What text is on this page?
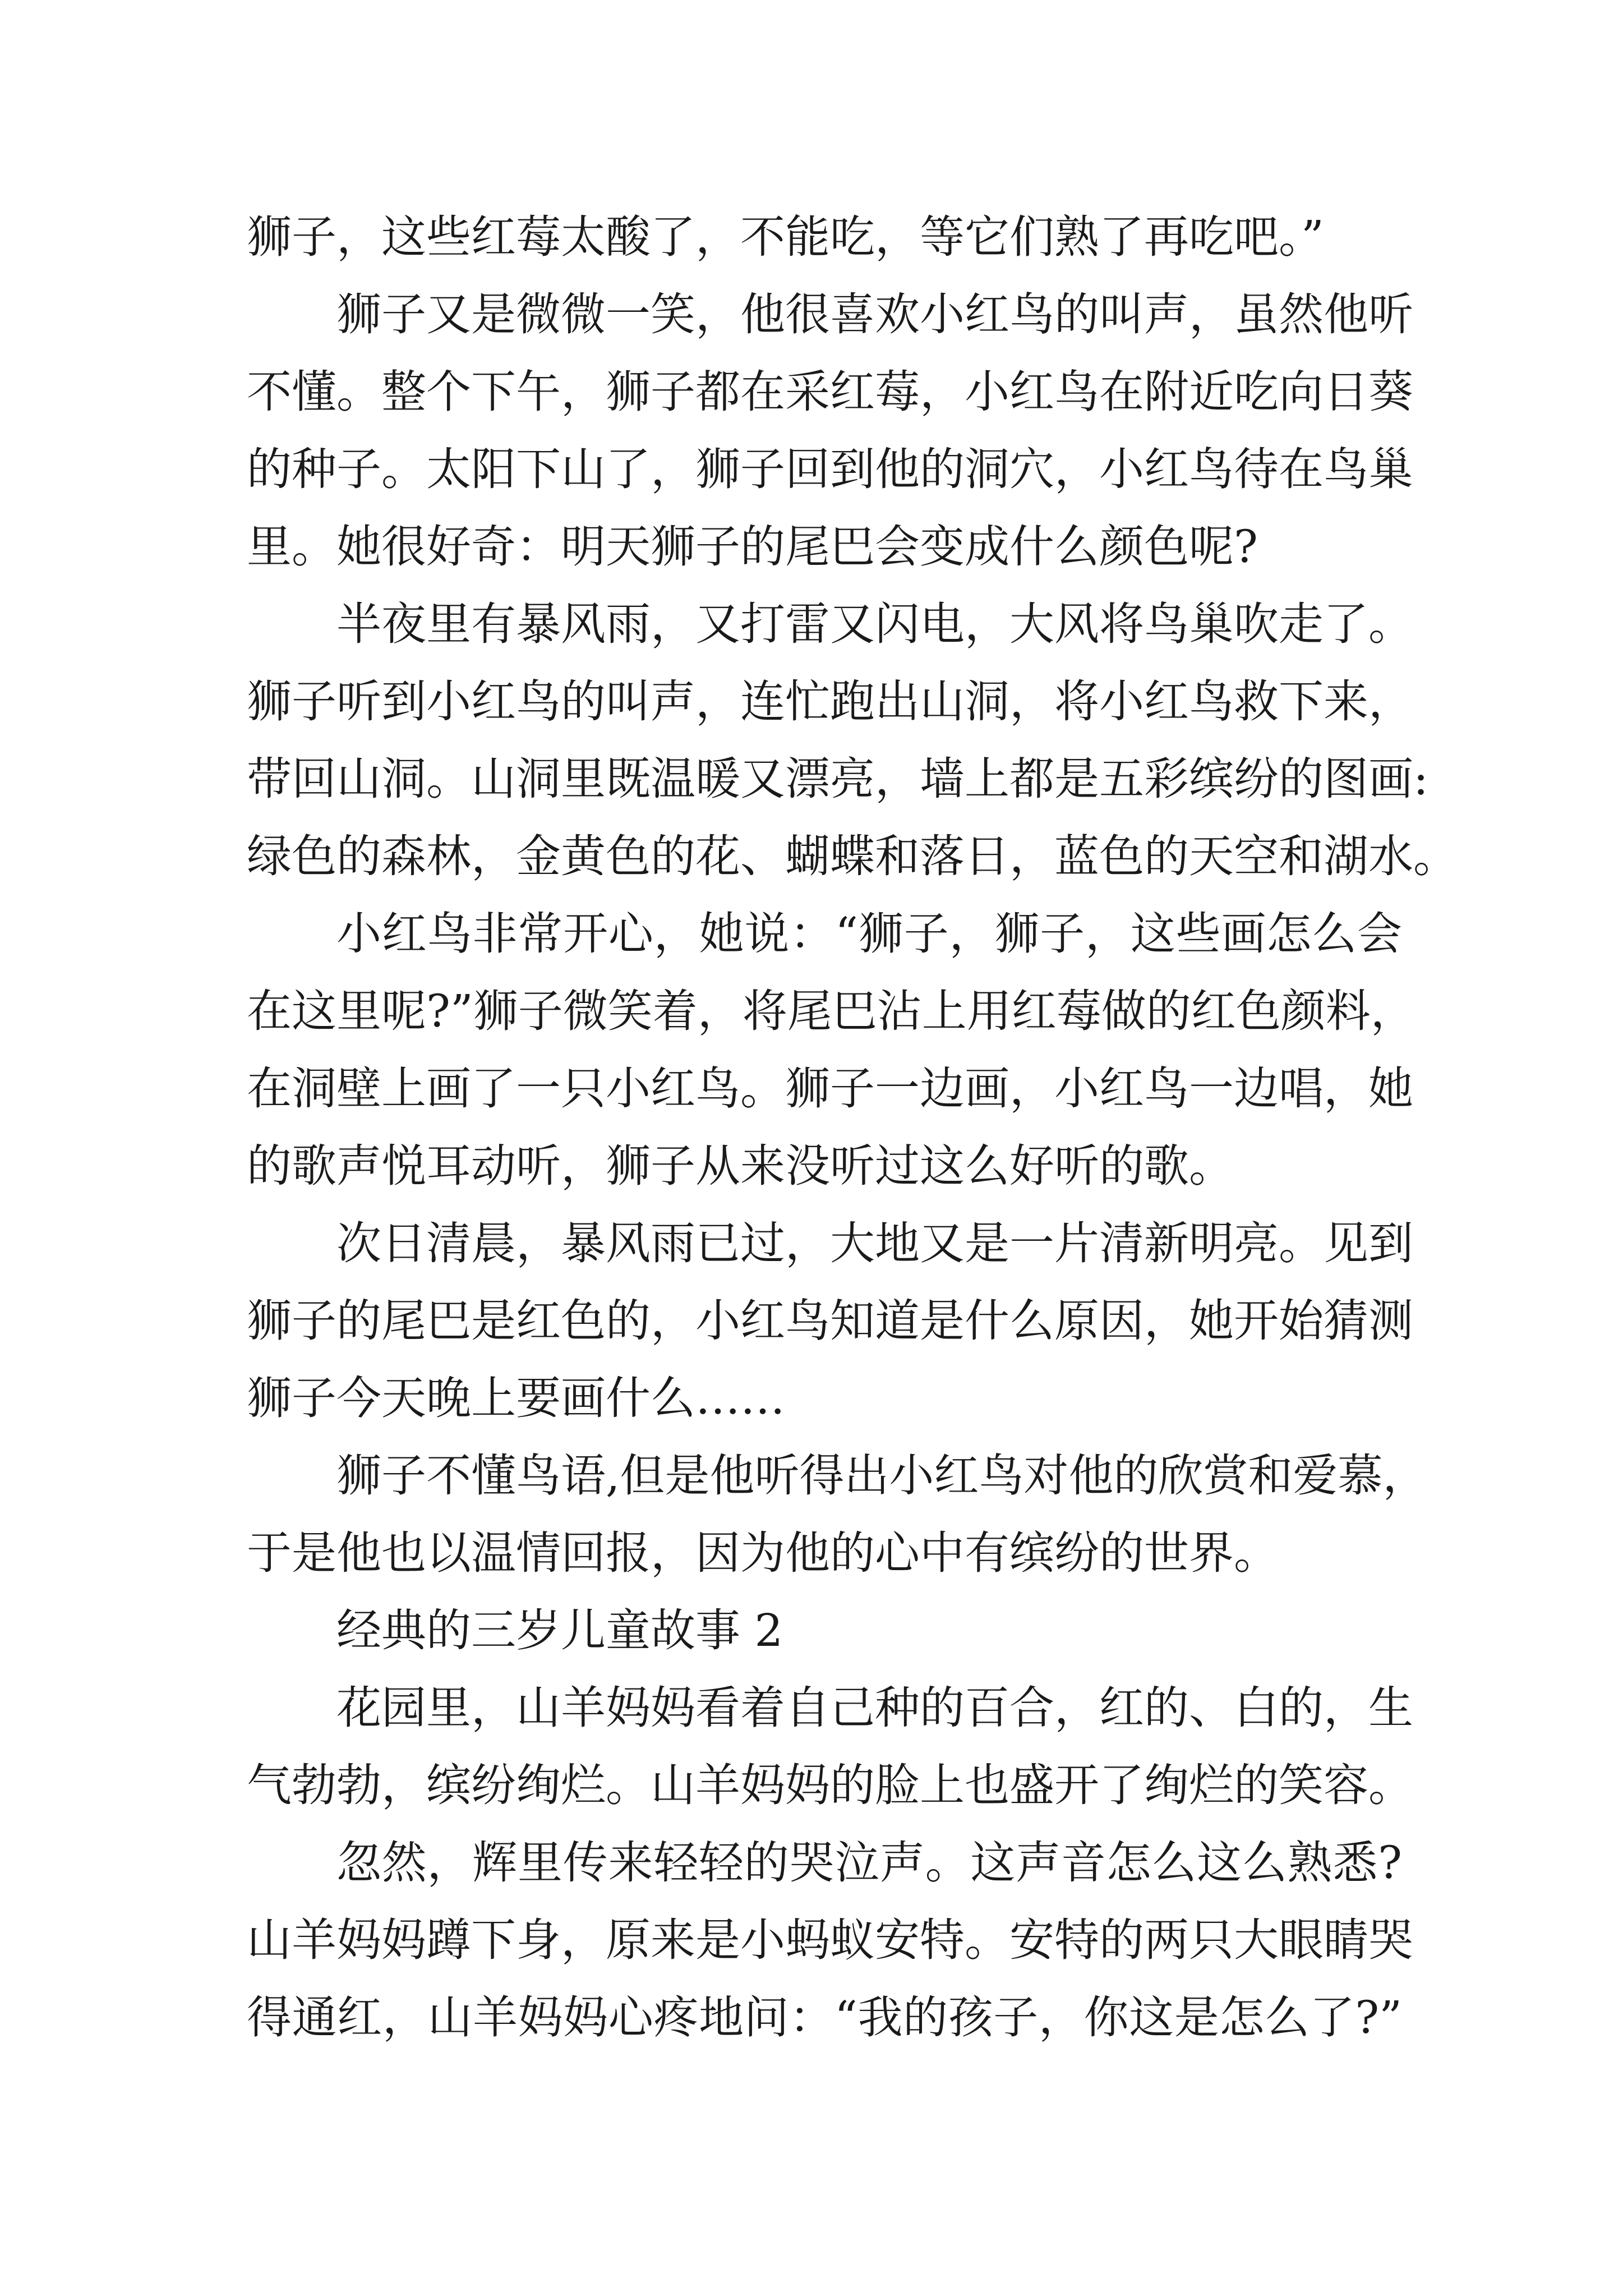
狮子，这些红莓太酸了，不能吃，等它们熟了再吃吧。”
狮子又是微微一笑，他很喜欢小红鸟的叫声，虽然他听
不懂。整个下午，狮子都在采红莓，小红鸟在附近吃向日葵
的种子。太阳下山了，狮子回到他的洞穴，小红鸟待在鸟巢
里。她很好奇：明天狮子的尾巴会变成什么颜色呢?
半夜里有暴风雨，又打雷又闪电，大风将鸟巢吹走了。
狮子听到小红鸟的叫声，连忙跑出山洞，将小红鸟救下来，
带回山洞。山洞里既温暖又漂亮，墙上都是五彩缤纷的图画:
绿色的森林，金黄色的花、蝴蝶和落日，蓝色的天空和湖水。
小红鸟非常开心，她说：“狮子，狮子，这些画怎么会
在这里呢?”狮子微笑着，将尾巴沾上用红莓做的红色颜料，
在洞壁上画了一只小红鸟。狮子一边画，小红鸟一边唱，她
的歌声悦耳动听，狮子从来没听过这么好听的歌。
次日清晨，暴风雨已过，大地又是一片清新明亮。见到
狮子的尾巴是红色的，小红鸟知道是什么原因，她开始猜测
狮子今天晚上要画什么……
狮子不懂鸟语,但是他听得出小红鸟对他的欣赏和爱慕，
于是他也以温情回报，因为他的心中有缤纷的世界。
经典的三岁儿童故事 2
花园里，山羊妈妈看着自己种的百合，红的、白的，生
气勃勃，缤纷绚烂。山羊妈妈的脸上也盛开了绚烂的笑容。
忽然，辉里传来轻轻的哭泣声。这声音怎么这么熟悉?
山羊妈妈蹲下身，原来是小蚂蚁安特。安特的两只大眼睛哭
得通红，山羊妈妈心疼地问：“我的孩子，你这是怎么了?”
